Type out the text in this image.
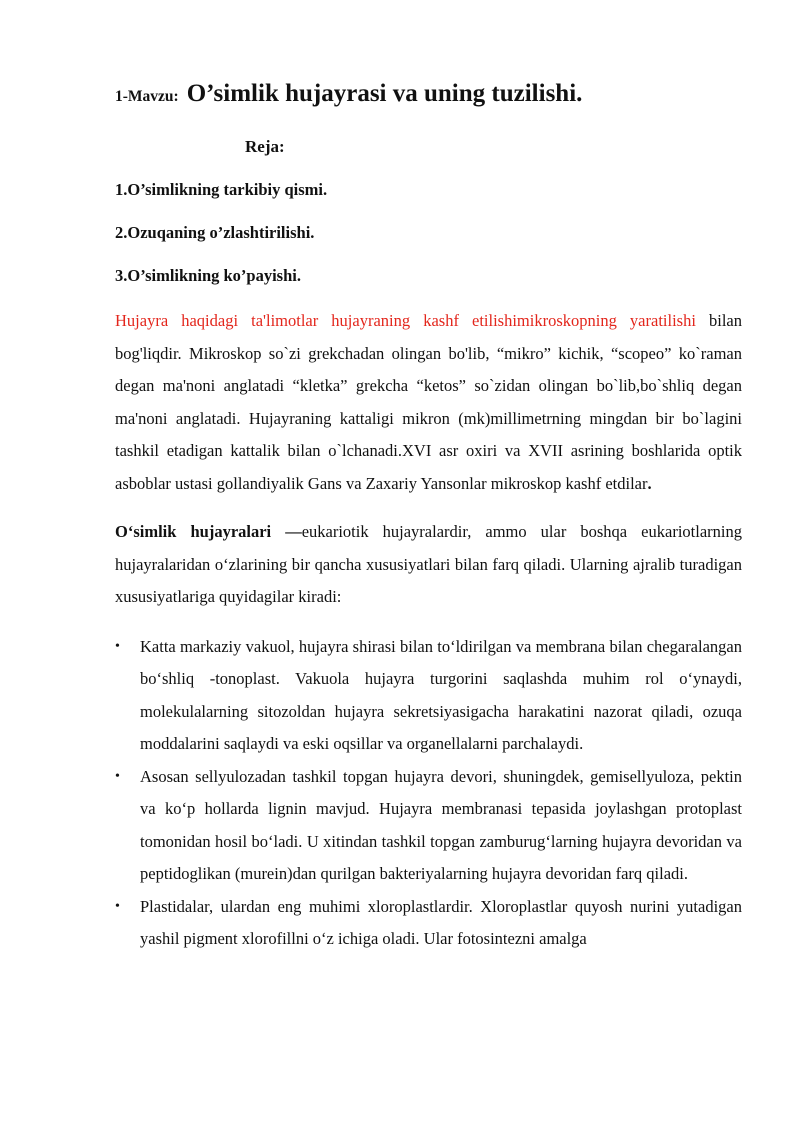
1-Mavzu: O’simlik hujayrasi va uning tuzilishi.
Reja:
1.O’simlikning tarkibiy qismi.
2.Ozuqaning o’zlashtirilishi.
3.O’simlikning ko’payishi.

Hujayra haqidagi ta'limotlar hujayraning kashf etilishimikroskopning yaratilishi bilan bog'liqdir. Mikroskop so`zi grekchadan olingan bo'lib, “mikro” kichik, “scopeo” ko`raman degan ma'noni anglatadi “kletka” grekcha “ketos” so`zidan olingan bo`lib,bo`shliq degan ma'noni anglatadi. Hujayraning kattaligi mikron (mk)millimetrning mingdan bir bo`lagini tashkil etadigan kattalik bilan o`lchanadi.XVI asr oxiri va XVII asrining boshlarida optik asboblar ustasi gollandiyalik Gans va Zaxariy Yansonlar mikroskop kashf etdilar.

O‘simlik hujayralari —eukariotik hujayralardir, ammo ular boshqa eukariotlarning hujayralaridan o‘zlarining bir qancha xususiyatlari bilan farq qiladi. Ularning ajralib turadigan xususiyatlariga quyidagilar kiradi:

• Katta markaziy vakuol, hujayra shirasi bilan to‘ldirilgan va membrana bilan chegaralangan bo‘shliq -tonoplast. Vakuola hujayra turgorini saqlashda muhim rol o‘ynaydi, molekulalarning sitozoldan hujayra sekretsiyasigacha harakatini nazorat qiladi, ozuqa moddalarini saqlaydi va eski oqsillar va organellalarni parchalaydi.
• Asosan sellyulozadan tashkil topgan hujayra devori, shuningdek, gemisellyuloza, pektin va ko‘p hollarda lignin mavjud. Hujayra membranasi tepasida joylashgan protoplast tomonidan hosil bo‘ladi. U xitindan tashkil topgan zamburug‘larning hujayra devoridan va peptidoglikan (murein)dan qurilgan bakteriyalarning hujayra devoridan farq qiladi.
• Plastidalar, ulardan eng muhimi xloroplastlardir. Xloroplastlar quyosh nurini yutadigan yashil pigment xlorofillni o‘z ichiga oladi. Ular fotosintezni amalga
